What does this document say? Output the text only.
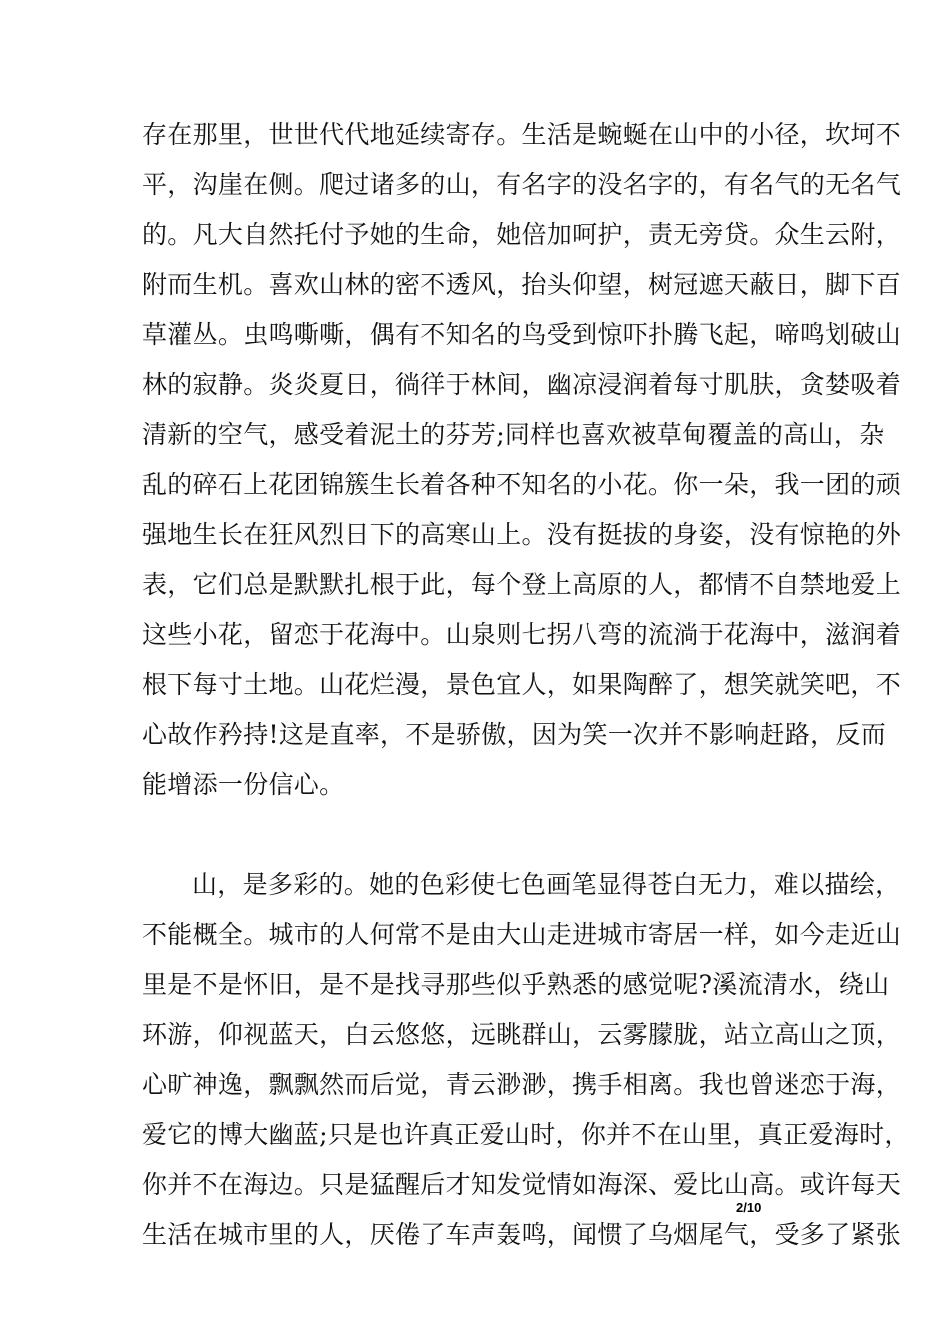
存在那里，世世代代地延续寄存。生活是蜿蜒在山中的小径，坎坷不
平，沟崖在侧。爬过诸多的山，有名字的没名字的，有名气的无名气
的。凡大自然托付予她的生命，她倍加呵护，责无旁贷。众生云附，
附而生机。喜欢山林的密不透风，抬头仰望，树冠遮天蔽日，脚下百
草灌丛。虫鸣嘶嘶，偶有不知名的鸟受到惊吓扑腾飞起，啼鸣划破山
林的寂静。炎炎夏日，徜徉于林间，幽凉浸润着每寸肌肤，贪婪吸着
清新的空气，感受着泥土的芬芳;同样也喜欢被草甸覆盖的高山，杂
乱的碎石上花团锦簇生长着各种不知名的小花。你一朵，我一团的顽
强地生长在狂风烈日下的高寒山上。没有挺拔的身姿，没有惊艳的外
表，它们总是默默扎根于此，每个登上高原的人，都情不自禁地爱上
这些小花，留恋于花海中。山泉则七拐八弯的流淌于花海中，滋润着
根下每寸土地。山花烂漫，景色宜人，如果陶醉了，想笑就笑吧，不
心故作矜持!这是直率，不是骄傲，因为笑一次并不影响赶路，反而
能增添一份信心。
山，是多彩的。她的色彩使七色画笔显得苍白无力，难以描绘，
不能概全。城市的人何常不是由大山走进城市寄居一样，如今走近山
里是不是怀旧，是不是找寻那些似乎熟悉的感觉呢?溪流清水，绕山
环游，仰视蓝天，白云悠悠，远眺群山，云雾朦胧，站立高山之顶，
心旷神逸，飘飘然而后觉，青云渺渺，携手相离。我也曾迷恋于海，
爱它的博大幽蓝;只是也许真正爱山时，你并不在山里，真正爱海时，
你并不在海边。只是猛醒后才知发觉情如海深、爱比山高。或许每天
生活在城市里的人，厌倦了车声轰鸣，闻惯了乌烟尾气，受多了紧张
2/10
